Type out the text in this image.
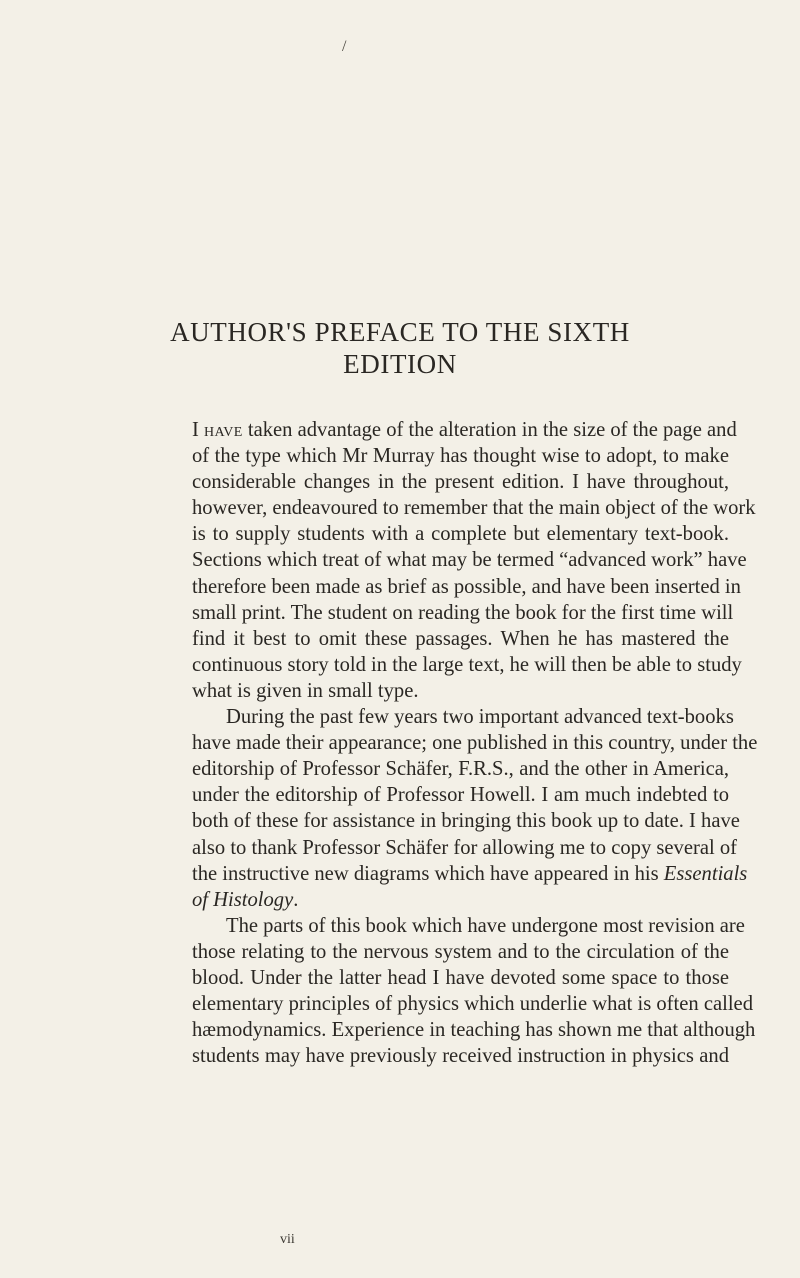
/
AUTHOR'S PREFACE TO THE SIXTH
EDITION
I have taken advantage of the alteration in the size of the page and
of the type which Mr Murray has thought wise to adopt, to make
considerable changes in the present edition. I have throughout,
however, endeavoured to remember that the main object of the work
is to supply students with a complete but elementary text-book.
Sections which treat of what may be termed “advanced work” have
therefore been made as brief as possible, and have been inserted in
small print. The student on reading the book for the first time will
find it best to omit these passages. When he has mastered the
continuous story told in the large text, he will then be able to study
what is given in small type.
During the past few years two important advanced text-books
have made their appearance; one published in this country, under the
editorship of Professor Schäfer, F.R.S., and the other in America,
under the editorship of Professor Howell. I am much indebted to
both of these for assistance in bringing this book up to date. I have
also to thank Professor Schäfer for allowing me to copy several of
the instructive new diagrams which have appeared in his Essentials
of Histology.
The parts of this book which have undergone most revision are
those relating to the nervous system and to the circulation of the
blood. Under the latter head I have devoted some space to those
elementary principles of physics which underlie what is often called
hæmodynamics. Experience in teaching has shown me that although
students may have previously received instruction in physics and
vii
